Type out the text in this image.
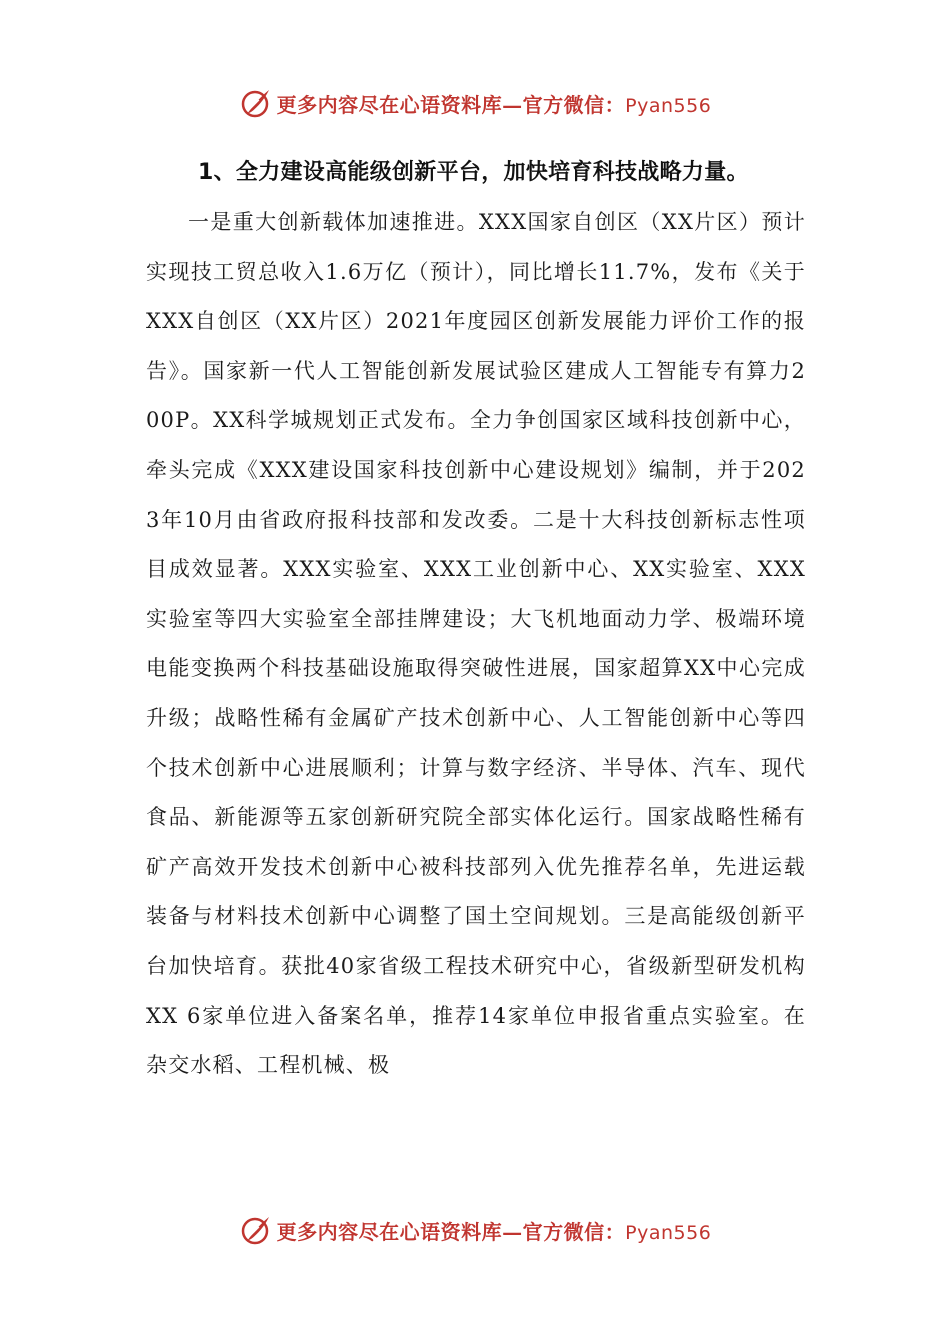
更多内容尽在心语资料库—官方微信：Pyan556
1、全力建设高能级创新平台，加快培育科技战略力量。

一是重大创新载体加速推进。XXX国家自创区（XX片区）预计实现技工贸总收入1.6万亿（预计），同比增长11.7%，发布《关于XXX自创区（XX片区）2021年度园区创新发展能力评价工作的报告》。国家新一代人工智能创新发展试验区建成人工智能专有算力200P。XX科学城规划正式发布。全力争创国家区域科技创新中心，牵头完成《XXX建设国家科技创新中心建设规划》编制，并于2023年10月由省政府报科技部和发改委。二是十大科技创新标志性项目成效显著。XXX实验室、XXX工业创新中心、XX实验室、XXX实验室等四大实验室全部挂牌建设；大飞机地面动力学、极端环境电能变换两个科技基础设施取得突破性进展，国家超算XX中心完成升级；战略性稀有金属矿产技术创新中心、人工智能创新中心等四个技术创新中心进展顺利；计算与数字经济、半导体、汽车、现代食品、新能源等五家创新研究院全部实体化运行。国家战略性稀有矿产高效开发技术创新中心被科技部列入优先推荐名单，先进运载装备与材料技术创新中心调整了国土空间规划。三是高能级创新平台加快培育。获批40家省级工程技术研究中心，省级新型研发机构XX 6家单位进入备案名单，推荐14家单位申报省重点实验室。在杂交水稻、工程机械、极

更多内容尽在心语资料库—官方微信：Pyan556
